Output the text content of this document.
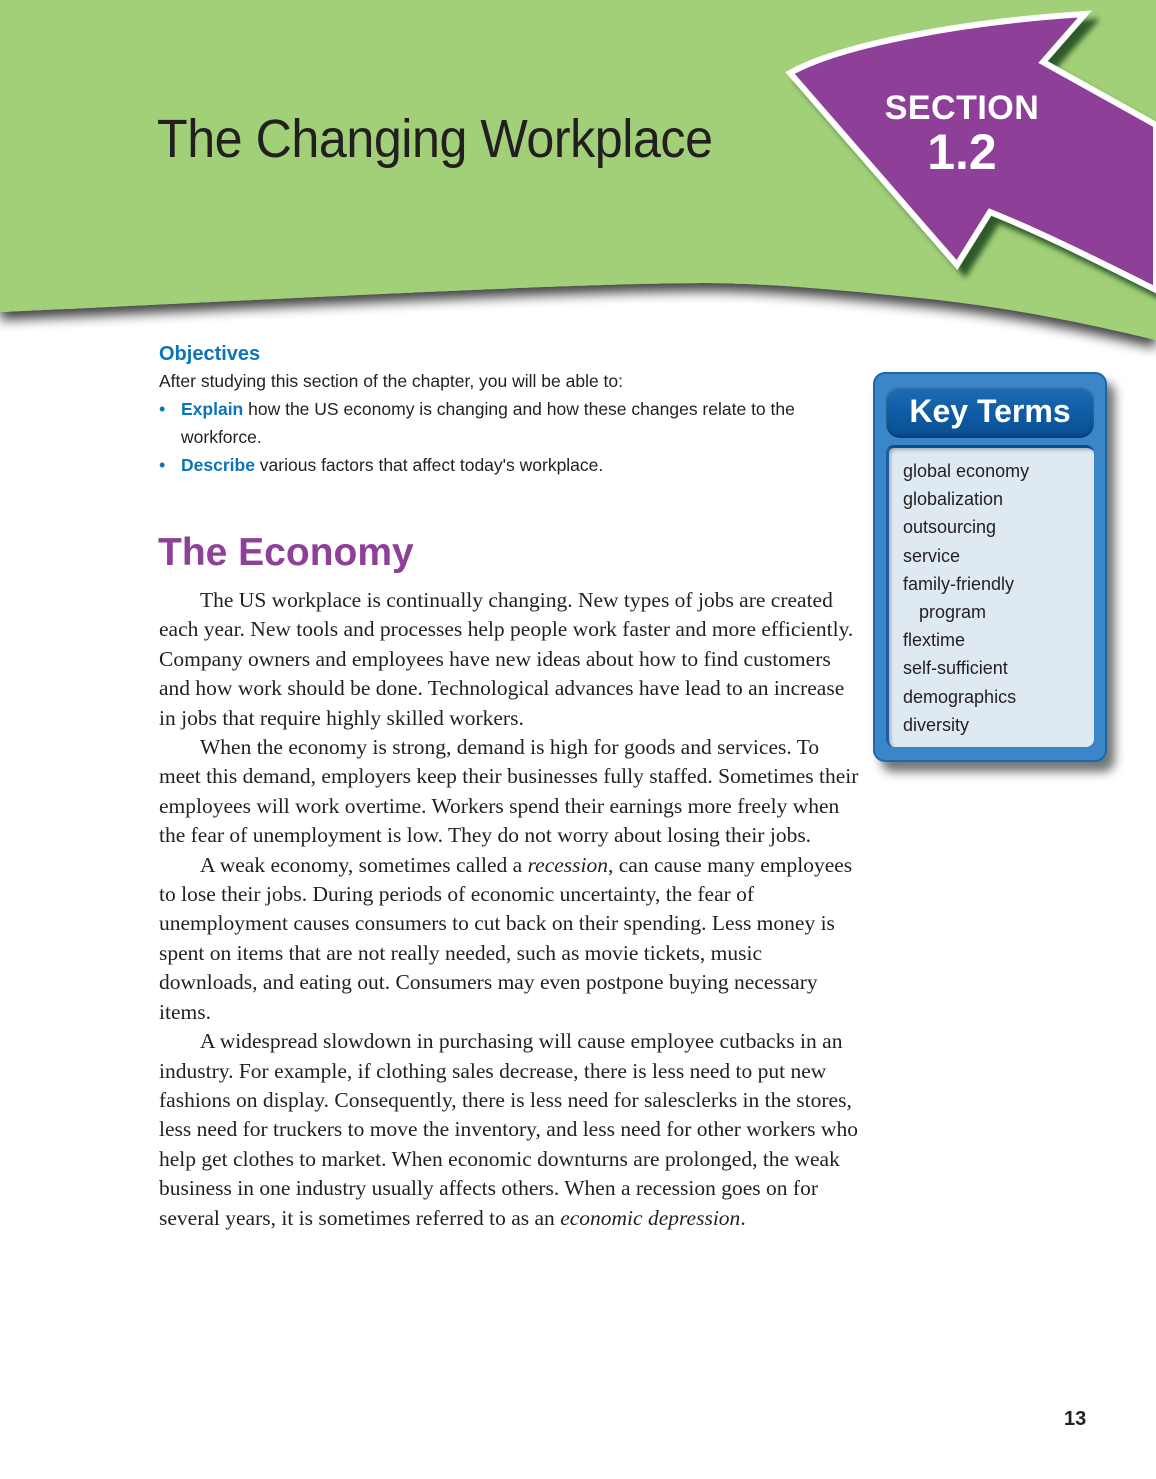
The Changing Workplace
SECTION
1.2
Objectives
After studying this section of the chapter, you will be able to:
• Explain how the US economy is changing and how these changes relate to the workforce.
• Describe various factors that affect today's workplace.
The Economy

The US workplace is continually changing. New types of jobs are created each year. New tools and processes help people work faster and more efficiently. Company owners and employees have new ideas about how to find customers and how work should be done. Technological advances have lead to an increase in jobs that require highly skilled workers.

When the economy is strong, demand is high for goods and services. To meet this demand, employers keep their businesses fully staffed. Sometimes their employees will work overtime. Workers spend their earnings more freely when the fear of unemployment is low. They do not worry about losing their jobs.

A weak economy, sometimes called a recession, can cause many employees to lose their jobs. During periods of economic uncertainty, the fear of unemployment causes consumers to cut back on their spending. Less money is spent on items that are not really needed, such as movie tickets, music downloads, and eating out. Consumers may even postpone buying necessary items.

A widespread slowdown in purchasing will cause employee cutbacks in an industry. For example, if clothing sales decrease, there is less need to put new fashions on display. Consequently, there is less need for salesclerks in the stores, less need for truckers to move the inventory, and less need for other workers who help get clothes to market. When economic downturns are prolonged, the weak business in one industry usually affects others. When a recession goes on for several years, it is sometimes referred to as an economic depression.

Key Terms
global economy
globalization
outsourcing
service
family-friendly
program
flextime
self-sufficient
demographics
diversity
13
